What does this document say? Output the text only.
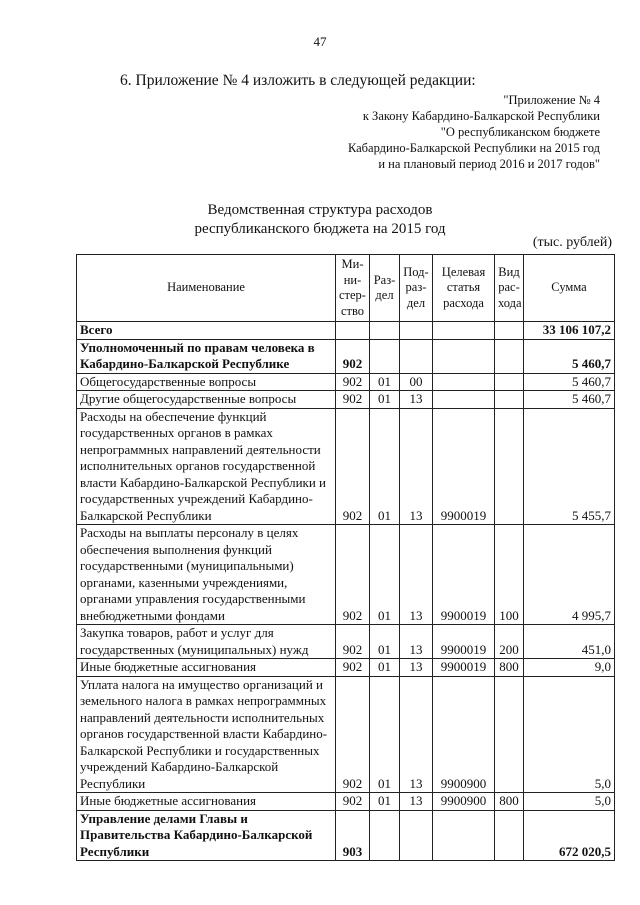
47
6. Приложение № 4 изложить в следующей редакции:
"Приложение № 4
к Закону Кабардино-Балкарской Республики
"О республиканском бюджете
Кабардино-Балкарской Республики на 2015 год
и на плановый период 2016 и 2017 годов"
Ведомственная структура расходов
республиканского бюджета на 2015 год
(тыс. рублей)
Наименование	Ми-ни-стер-ство	Раз-дел	Под-раз-дел	Целевая статья расхода	Вид рас-хода	Сумма
Всего						33 106 107,2
Уполномоченный по правам человека в Кабардино-Балкарской Республике	902					5 460,7
Общегосударственные вопросы	902	01	00			5 460,7
Другие общегосударственные вопросы	902	01	13			5 460,7
Расходы на обеспечение функций государственных органов в рамках непрограммных направлений деятельности исполнительных органов государственной власти Кабардино-Балкарской Республики и государственных учреждений Кабардино-Балкарской Республики	902	01	13	9900019		5 455,7
Расходы на выплаты персоналу в целях обеспечения выполнения функций государственными (муниципальными) органами, казенными учреждениями, органами управления государственными внебюджетными фондами	902	01	13	9900019	100	4 995,7
Закупка товаров, работ и услуг для государственных (муниципальных) нужд	902	01	13	9900019	200	451,0
Иные бюджетные ассигнования	902	01	13	9900019	800	9,0
Уплата налога на имущество организаций и земельного налога в рамках непрограммных направлений деятельности исполнительных органов государственной власти Кабардино-Балкарской Республики и государственных учреждений Кабардино-Балкарской Республики	902	01	13	9900900		5,0
Иные бюджетные ассигнования	902	01	13	9900900	800	5,0
Управление делами Главы и Правительства Кабардино-Балкарской Республики	903					672 020,5
